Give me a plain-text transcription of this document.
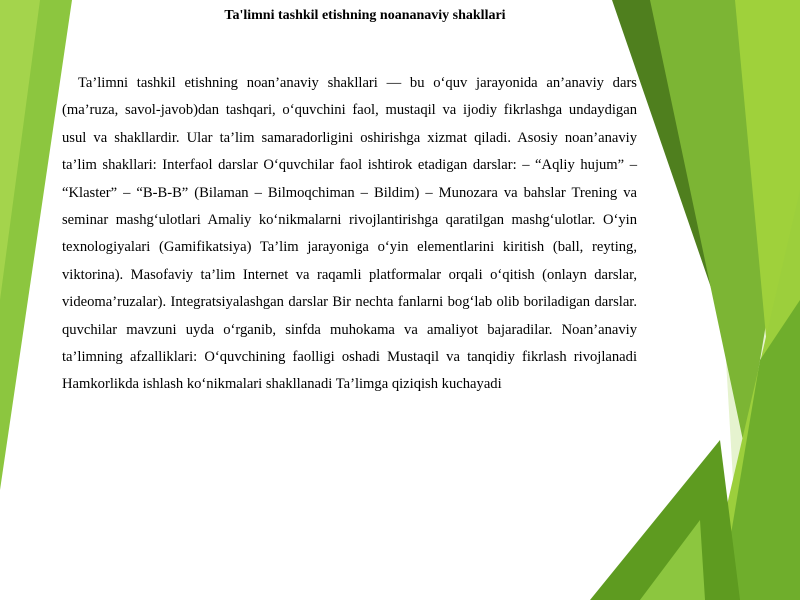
Ta'limni tashkil etishning noananaviy shakllari

Ta’limni tashkil etishning noan’anaviy shakllari — bu o‘quv jarayonida an’anaviy dars (ma’ruza, savol-javob)dan tashqari, o‘quvchini faol, mustaqil va ijodiy fikrlashga undaydigan usul va shakllardir. Ular ta’lim samaradorligini oshirishga xizmat qiladi. Asosiy noan’anaviy ta’lim shakllari: Interfaol darslar O‘quvchilar faol ishtirok etadigan darslar: – “Aqliy hujum” – “Klaster” – “B-B-B” (Bilaman – Bilmoqchiman – Bildim) – Munozara va bahslar Trening va seminar mashg‘ulotlari Amaliy ko‘nikmalarni rivojlantirishga qaratilgan mashg‘ulotlar. O‘yin texnologiyalari (Gamifikatsiya) Ta’lim jarayoniga o‘yin elementlarini kiritish (ball, reyting, viktorina). Masofaviy ta’lim Internet va raqamli platformalar orqali o‘qitish (onlayn darslar, videoma’ruzalar). Integratsiyalashgan darslar Bir nechta fanlarni bog‘lab olib boriladigan darslar. quvchilar mavzuni uyda o‘rganib, sinfda muhokama va amaliyot bajaradilar. Noan’anaviy ta’limning afzalliklari: O‘quvchining faolligi oshadi Mustaqil va tanqidiy fikrlash rivojlanadi Hamkorlikda ishlash ko‘nikmalari shakllanadi Ta’limga qiziqish kuchayadi
